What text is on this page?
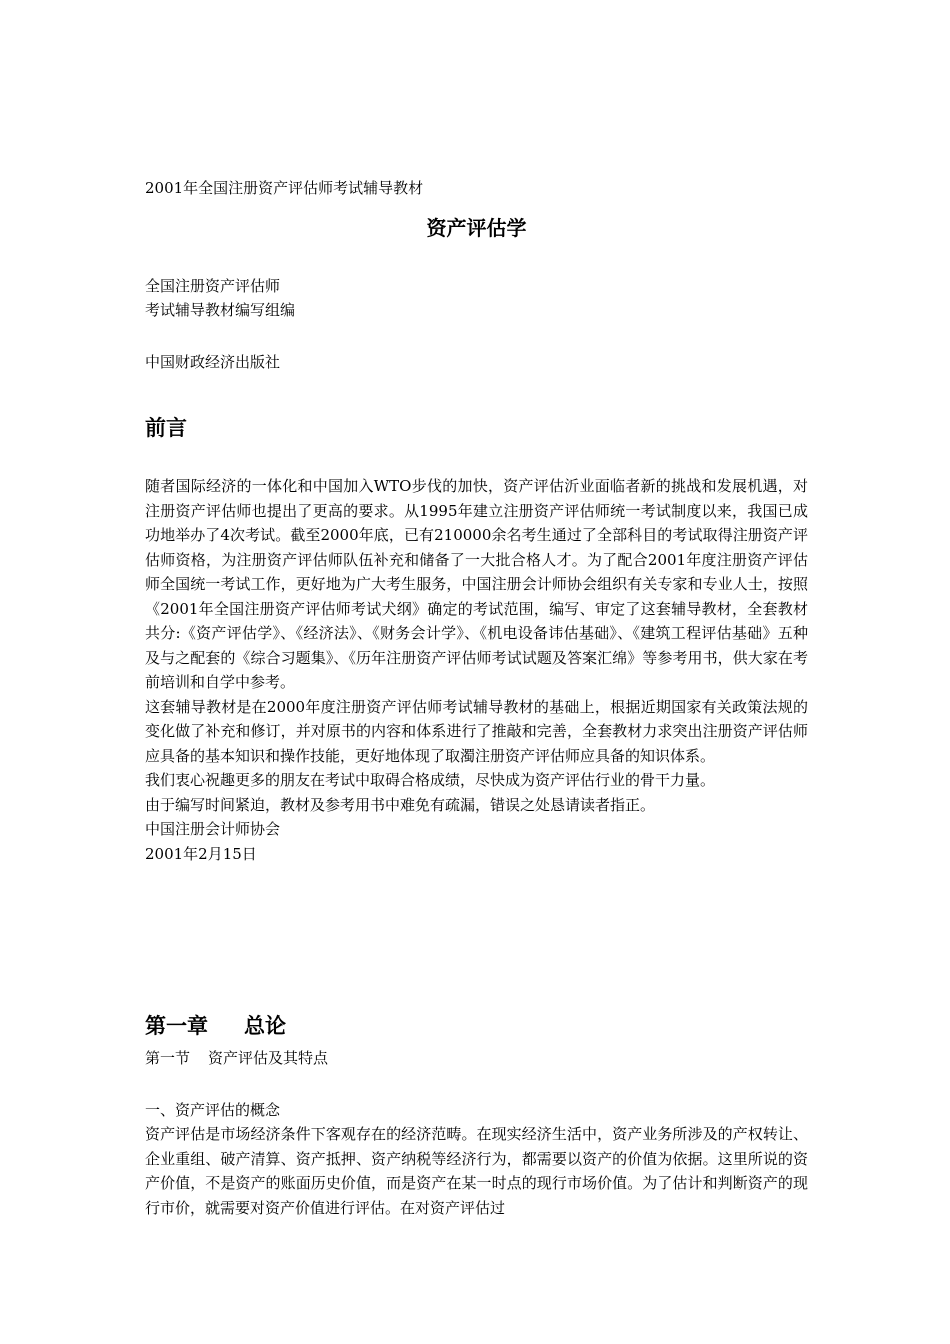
2001年全国注册资产评估师考试辅导教材
资产评估学
全国注册资产评估师
考试辅导教材编写组编
中国财政经济出版社
前言
随者国际经济的一体化和中国加入WTO步伐的加快，资产评估沂业面临者新的挑战和发展机遇，对注册资产评估师也提出了更高的要求。从1995年建立注册资产评估师统一考试制度以来，我国已成功地举办了4次考试。截至2000年底，已有210000余名考生通过了全部科目的考试取得注册资产评估师资格，为注册资产评估师队伍补充和储备了一大批合格人才。为了配合2001年度注册资产评估师全国统一考试工作，更好地为广大考生服务，中国注册会计师协会组织有关专家和专业人士，按照《2001年全国注册资产评估师考试犬纲》确定的考试范围，编写、审定了这套辅导教材，全套教材共分:《资产评估学》、《经济法》、《财务会计学》、《机电设备讳估基础》、《建筑工程评估基础》五种及与之配套的《综合习题集》、《历年注册资产评估师考试试题及答案汇绵》等参考用书，供大家在考前培训和自学中参考。
这套辅导教材是在2000年度注册资产评估师考试辅导教材的基础上，根据近期国家有关政策法规的变化做了补充和修订，并对原书的内容和体系进行了推敲和完善，全套教材力求突出注册资产评估师应具备的基本知识和操作技能，更好地体现了取濁注册资产评估师应具备的知识体系。
我们衷心祝趣更多的朋友在考试中取碍合格成绩，尽快成为资产评估行业的骨干力量。
由于编写时间紧迫，教材及参考用书中难免有疏漏，错误之处恳请读者指正。
中国注册会计师协会
2001年2月15日
第一章 总论
第一节 资产评估及其特点
一、资产评估的概念
资产评估是市场经济条件下客观存在的经济范畴。在现实经济生活中，资产业务所涉及的产权转让、企业重组、破产清算、资产抵押、资产纳税等经济行为，都需要以资产的价值为依据。这里所说的资产价值，不是资产的账面历史价值，而是资产在某一时点的现行市场价值。为了估计和判断资产的现行市价，就需要对资产价值进行评估。在对资产评估过
